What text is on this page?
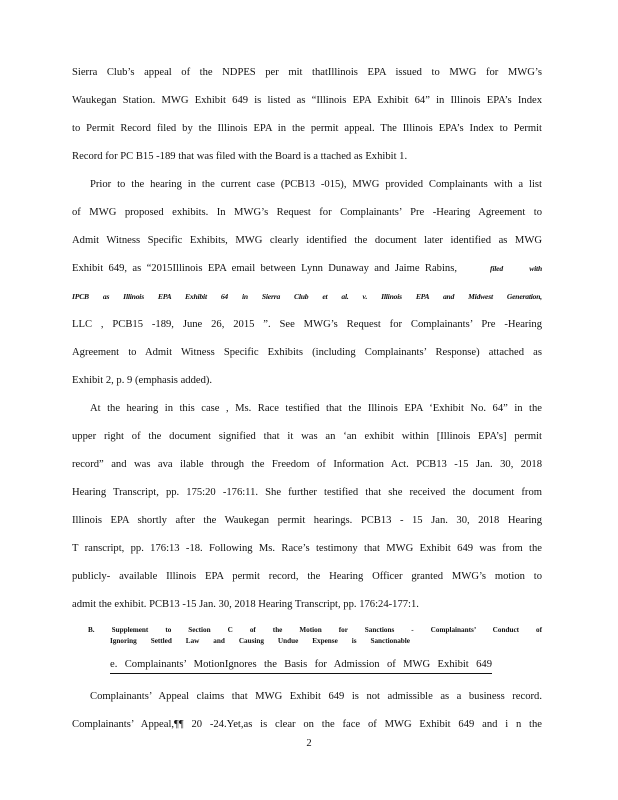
Sierra Club’s appeal of the NDPES per mit thatIllinois EPA issued to MWG for MWG’s
Waukegan Station. MWG Exhibit 649 is listed as “Illinois EPA Exhibit 64” in Illinois EPA’s Index
to Permit Record filed by the Illinois EPA in the permit appeal. The Illinois EPA’s Index to Permit
Record for PC B15 -189 that was filed with the Board is a ttached as Exhibit 1.
Prior to the hearing in the current case (PCB13 -015), MWG provided Complainants with a list
of MWG proposed exhibits. In MWG’s Request for Complainants’ Pre -Hearing Agreement to
Admit Witness Specific Exhibits, MWG clearly identified the document later identified as MWG
Exhibit 649, as “2015Illinois EPA email between Lynn Dunaway and Jaime Rabins,	filed with
IPCB as Illinois EPA Exhibit 64 in Sierra Club et al. v. Illinois EPA and Midwest Generation,
LLC , PCB15 -189, June 26, 2015 ”. See MWG’s Request for Complainants’ Pre -Hearing
Agreement to Admit Witness Specific Exhibits (including Complainants’ Response) attached as
Exhibit 2, p. 9 (emphasis added).
At the hearing in this case , Ms. Race testified that the Illinois EPA ‘Exhibit No. 64” in the
upper right of the document signified that it was an ‘an exhibit within [Illinois EPA’s] permit
record” and was ava ilable through the Freedom of Information Act. PCB13 -15 Jan. 30, 2018
Hearing Transcript, pp. 175:20 -176:11. She further testified that she received the document from
Illinois EPA shortly after the Waukegan permit hearings. PCB13 - 15 Jan. 30, 2018 Hearing
T ranscript, pp. 176:13 -18. Following Ms. Race’s testimony that MWG Exhibit 649 was from the
publicly- available Illinois EPA permit record, the Hearing Officer granted MWG’s motion to
admit the exhibit. PCB13 -15 Jan. 30, 2018 Hearing Transcript, pp. 176:24-177:1.
B. Supplement to Section C of the Motion for Sanctions - Complainants’ Conduct of
Ignoring Settled Law and Causing Undue Expense is Sanctionable
e. Complainants’ MotionIgnores the Basis for Admission of MWG Exhibit 649
Complainants’ Appeal claims that MWG Exhibit 649 is not admissible as a business record.
Complainants’ Appeal,¶¶ 20 -24.Yet,as is clear on the face of MWG Exhibit 649 and i n the
2
